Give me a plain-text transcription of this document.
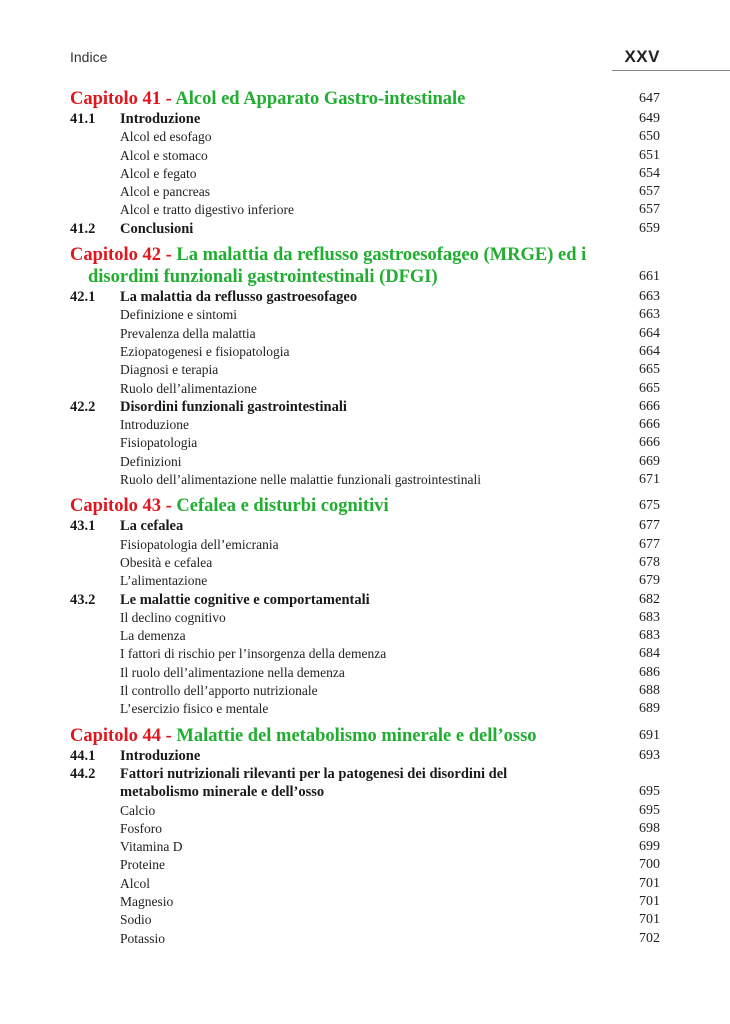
Indice	XXV
Capitolo 41 - Alcol ed Apparato Gastro-intestinale	647
41.1 Introduzione	649
Alcol ed esofago	650
Alcol e stomaco	651
Alcol e fegato	654
Alcol e pancreas	657
Alcol e tratto digestivo inferiore	657
41.2 Conclusioni	659
Capitolo 42 - La malattia da reflusso gastroesofageo (MRGE) ed i
disordini funzionali gastrointestinali (DFGI)	661
42.1 La malattia da reflusso gastroesofageo	663
Definizione e sintomi	663
Prevalenza della malattia	664
Eziopatogenesi e fisiopatologia	664
Diagnosi e terapia	665
Ruolo dell’alimentazione	665
42.2 Disordini funzionali gastrointestinali	666
Introduzione	666
Fisiopatologia	666
Definizioni	669
Ruolo dell’alimentazione nelle malattie funzionali gastrointestinali	671
Capitolo 43 - Cefalea e disturbi cognitivi	675
43.1 La cefalea	677
Fisiopatologia dell’emicrania	677
Obesità e cefalea	678
L’alimentazione	679
43.2 Le malattie cognitive e comportamentali	682
Il declino cognitivo	683
La demenza	683
I fattori di rischio per l’insorgenza della demenza	684
Il ruolo dell’alimentazione nella demenza	686
Il controllo dell’apporto nutrizionale	688
L’esercizio fisico e mentale	689
Capitolo 44 - Malattie del metabolismo minerale e dell’osso	691
44.1 Introduzione	693
44.2 Fattori nutrizionali rilevanti per la patogenesi dei disordini del
metabolismo minerale e dell’osso	695
Calcio	695
Fosforo	698
Vitamina D	699
Proteine	700
Alcol	701
Magnesio	701
Sodio	701
Potassio	702
